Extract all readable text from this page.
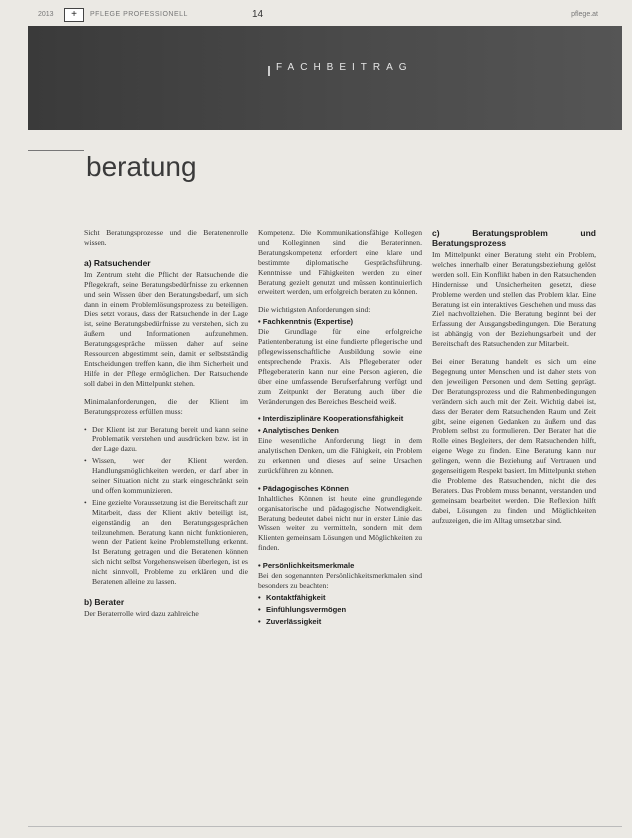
2013	+	PFLEGE PROFESSIONELL	14	pflege.at
FACHBEITRAG
beratung

Sicht Beratungsprozesse und die Beratenenrolle wissen.

a) Ratsuchender

Im Zentrum steht die Pflicht der Ratsuchende die Pflegekraft, seine Beratungsbedürfnisse zu erkennen und sein Wissen über den Beratungsbedarf, um sich dann in einem Problemlösungsprozess zu beteiligen. Dies setzt voraus, dass der Ratsuchende in der Lage ist, seine Beratungsbedürfnisse zu verstehen, sich zu äußern und Informationen aufzunehmen. Beratungsgespräche müssen daher auf seine Ressourcen abgestimmt sein, damit er selbstständig Entscheidungen treffen kann, die ihm Sicherheit und Hilfe in der Pflege ermöglichen. Der Ratsuchende soll dabei in den Mittelpunkt stehen.

Minimalanforderungen, die der Klient im Beratungsprozess erfüllen muss:

• Der Klient ist zur Beratung bereit und kann seine Problematik verstehen und ausdrücken bzw. ist in der Lage dazu.
• Wissen, wer der Klient werden. Handlungsmöglichkeiten werden, er darf aber in seiner Situation nicht zu stark eingeschränkt sein und offen kommunizieren.
• Eine gezielte Voraussetzung ist die Bereitschaft zur Mitarbeit, dass der Klient aktiv beteiligt ist, eigenständig an den Beratungsgesprächen teilzunehmen. Beratung kann nicht funktionieren, wenn der Patient keine Problemstellung erkennt. Ist Beratung getragen und die Beratenen können sich nicht selbst Vorgehensweisen überlegen, ist es nicht sinnvoll, Probleme zu erklären und die Beratenen alleine zu lassen.
b) Berater

Der Beraterrolle wird dazu zahlreiche

Kompetenz. Die Kommunikationsfähige Kollegen und Kolleginnen sind die Beraterinnen. Beratungskompetenz erfordert eine klare und bestimmte diplomatische Gesprächsführung. Kenntnisse und Fähigkeiten werden zu einer Beratung gezielt genutzt und müssen kontinuierlich erweitert werden, um erfolgreich beraten zu können.

Die wichtigsten Anforderungen sind:

• Fachkenntnis (Expertise)

Die Grundlage für eine erfolgreiche Patientenberatung ist eine fundierte pflegerische und pflegewissenschaftliche Ausbildung sowie eine entsprechende Praxis. Als Pflegeberater oder Pflegeberaterin kann nur eine Person agieren, die über eine umfassende Berufserfahrung verfügt und zum Zeitpunkt der Beratung auch über die Veränderungen des Bereiches Bescheid weiß.

• Interdisziplinäre Kooperationsfähigkeit
• Analytisches Denken

Eine wesentliche Anforderung liegt in dem analytischen Denken, um die Fähigkeit, ein Problem zu erkennen und dieses auf seine Ursachen zurückführen zu können.

• Pädagogisches Können

Inhaltliches Können ist heute eine grundlegende organisatorische und pädagogische Notwendigkeit. Beratung bedeutet dabei nicht nur in erster Linie das Wissen weiter zu vermitteln, sondern mit dem Klienten gemeinsam Lösungen und Möglichkeiten zu finden.

• Persönlichkeitsmerkmale

Bei den sogenannten Persönlichkeitsmerkmalen sind besonders zu beachten:

• Kontaktfähigkeit
• Einfühlungsvermögen
• Zuverlässigkeit
c) Beratungsproblem und Beratungsprozess

Im Mittelpunkt einer Beratung steht ein Problem, welches innerhalb einer Beratungsbeziehung gelöst werden soll. Ein Konflikt haben in den Ratsuchenden Hindernisse und Unsicherheiten gesetzt, diese Probleme werden und stellen das Problem klar. Eine Beratung ist ein interaktives Geschehen und muss das Ziel nachvollziehen. Die Beratung beginnt bei der Erfassung der Ausgangsbedingungen. Die Beratung ist abhängig von der Beziehungsarbeit und der Bereitschaft des Ratsuchenden zur Mitarbeit.

Bei einer Beratung handelt es sich um eine Begegnung unter Menschen und ist daher stets von den jeweiligen Personen und dem Setting geprägt. Der Beratungsprozess und die Rahmenbedingungen verändern sich auch mit der Zeit. Wichtig dabei ist, dass der Berater dem Ratsuchenden Raum und Zeit gibt, seine eigenen Gedanken zu äußern und das Problem selbst zu formulieren. Der Berater hat die Rolle eines Begleiters, der dem Ratsuchenden hilft, eigene Wege zu finden. Eine Beratung kann nur gelingen, wenn die Beziehung auf Vertrauen und gegenseitigem Respekt basiert. Im Mittelpunkt stehen die Probleme des Ratsuchenden, nicht die des Beraters. Das Problem muss benannt, verstanden und gemeinsam bearbeitet werden. Die Reflexion hilft dabei, Lösungen zu finden und Möglichkeiten aufzuzeigen, die im Alltag umsetzbar sind.
